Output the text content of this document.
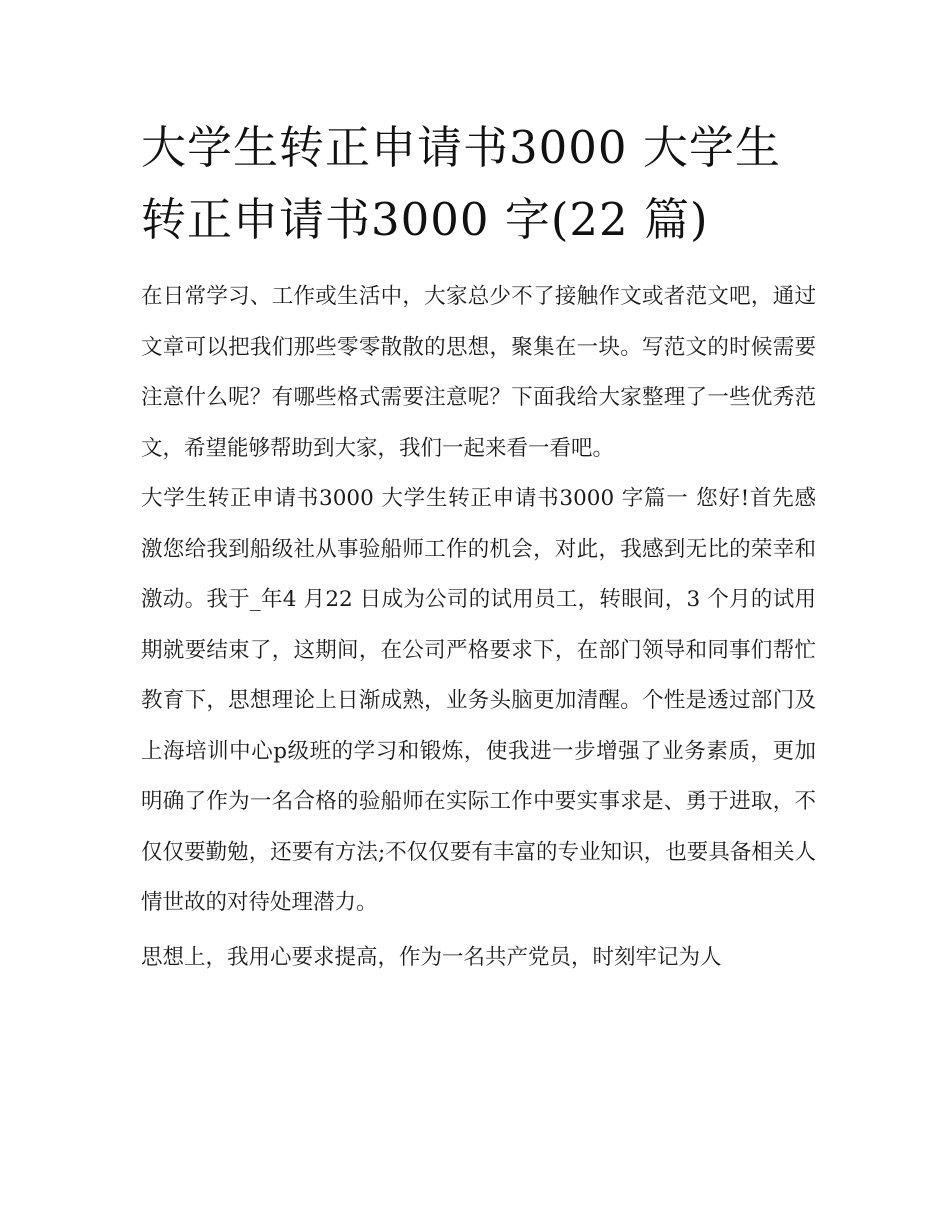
大学生转正申请书3000 大学生转正申请书3000 字(22 篇)

在日常学习、工作或生活中，大家总少不了接触作文或者范文吧，通过文章可以把我们那些零零散散的思想，聚集在一块。写范文的时候需要注意什么呢？有哪些格式需要注意呢？下面我给大家整理了一些优秀范文，希望能够帮助到大家，我们一起来看一看吧。

大学生转正申请书3000 大学生转正申请书3000 字篇一 您好!首先感激您给我到船级社从事验船师工作的机会，对此，我感到无比的荣幸和激动。我于_年4 月22 日成为公司的试用员工，转眼间，3 个月的试用期就要结束了，这期间，在公司严格要求下，在部门领导和同事们帮忙教育下，思想理论上日渐成熟，业务头脑更加清醒。个性是透过部门及上海培训中心p级班的学习和锻炼，使我进一步增强了业务素质，更加明确了作为一名合格的验船师在实际工作中要实事求是、勇于进取，不仅仅要勤勉，还要有方法;不仅仅要有丰富的专业知识，也要具备相关人情世故的对待处理潜力。

思想上，我用心要求提高，作为一名共产党员，时刻牢记为人
